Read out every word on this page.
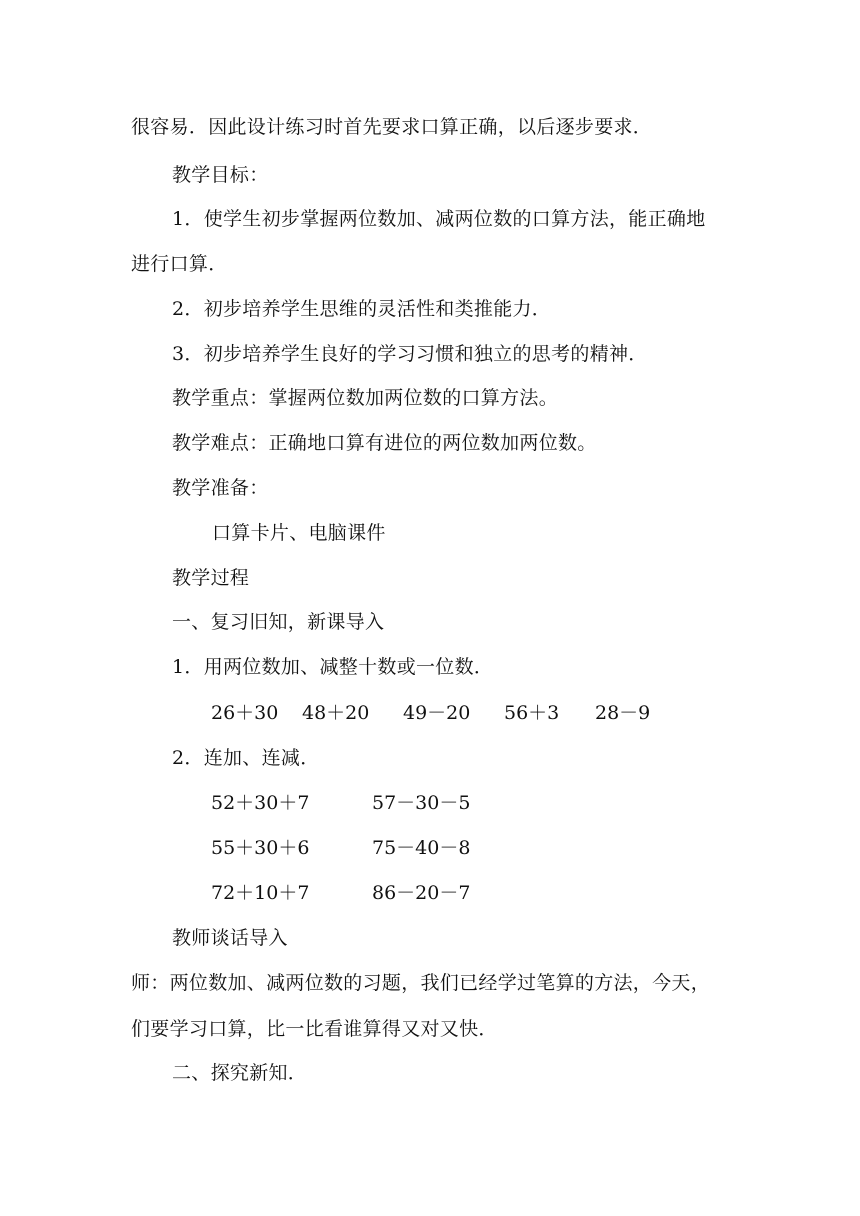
很容易．因此设计练习时首先要求口算正确，以后逐步要求．
教学目标：
1．使学生初步掌握两位数加、减两位数的口算方法，能正确地
进行口算．
2．初步培养学生思维的灵活性和类推能力．
3．初步培养学生良好的学习习惯和独立的思考的精神．
教学重点：掌握两位数加两位数的口算方法。
教学难点：正确地口算有进位的两位数加两位数。
教学准备：
口算卡片、电脑课件
教学过程
一、复习旧知，新课导入
1．用两位数加、减整十数或一位数．
26＋30 48＋20 49－20 56＋3 28－9
2．连加、连减．
52＋30＋7	57－30－5
55＋30＋6	75－40－8
72＋10＋7	86－20－7
教师谈话导入
师：两位数加、减两位数的习题，我们已经学过笔算的方法，今天，
们要学习口算，比一比看谁算得又对又快．
二、探究新知．
